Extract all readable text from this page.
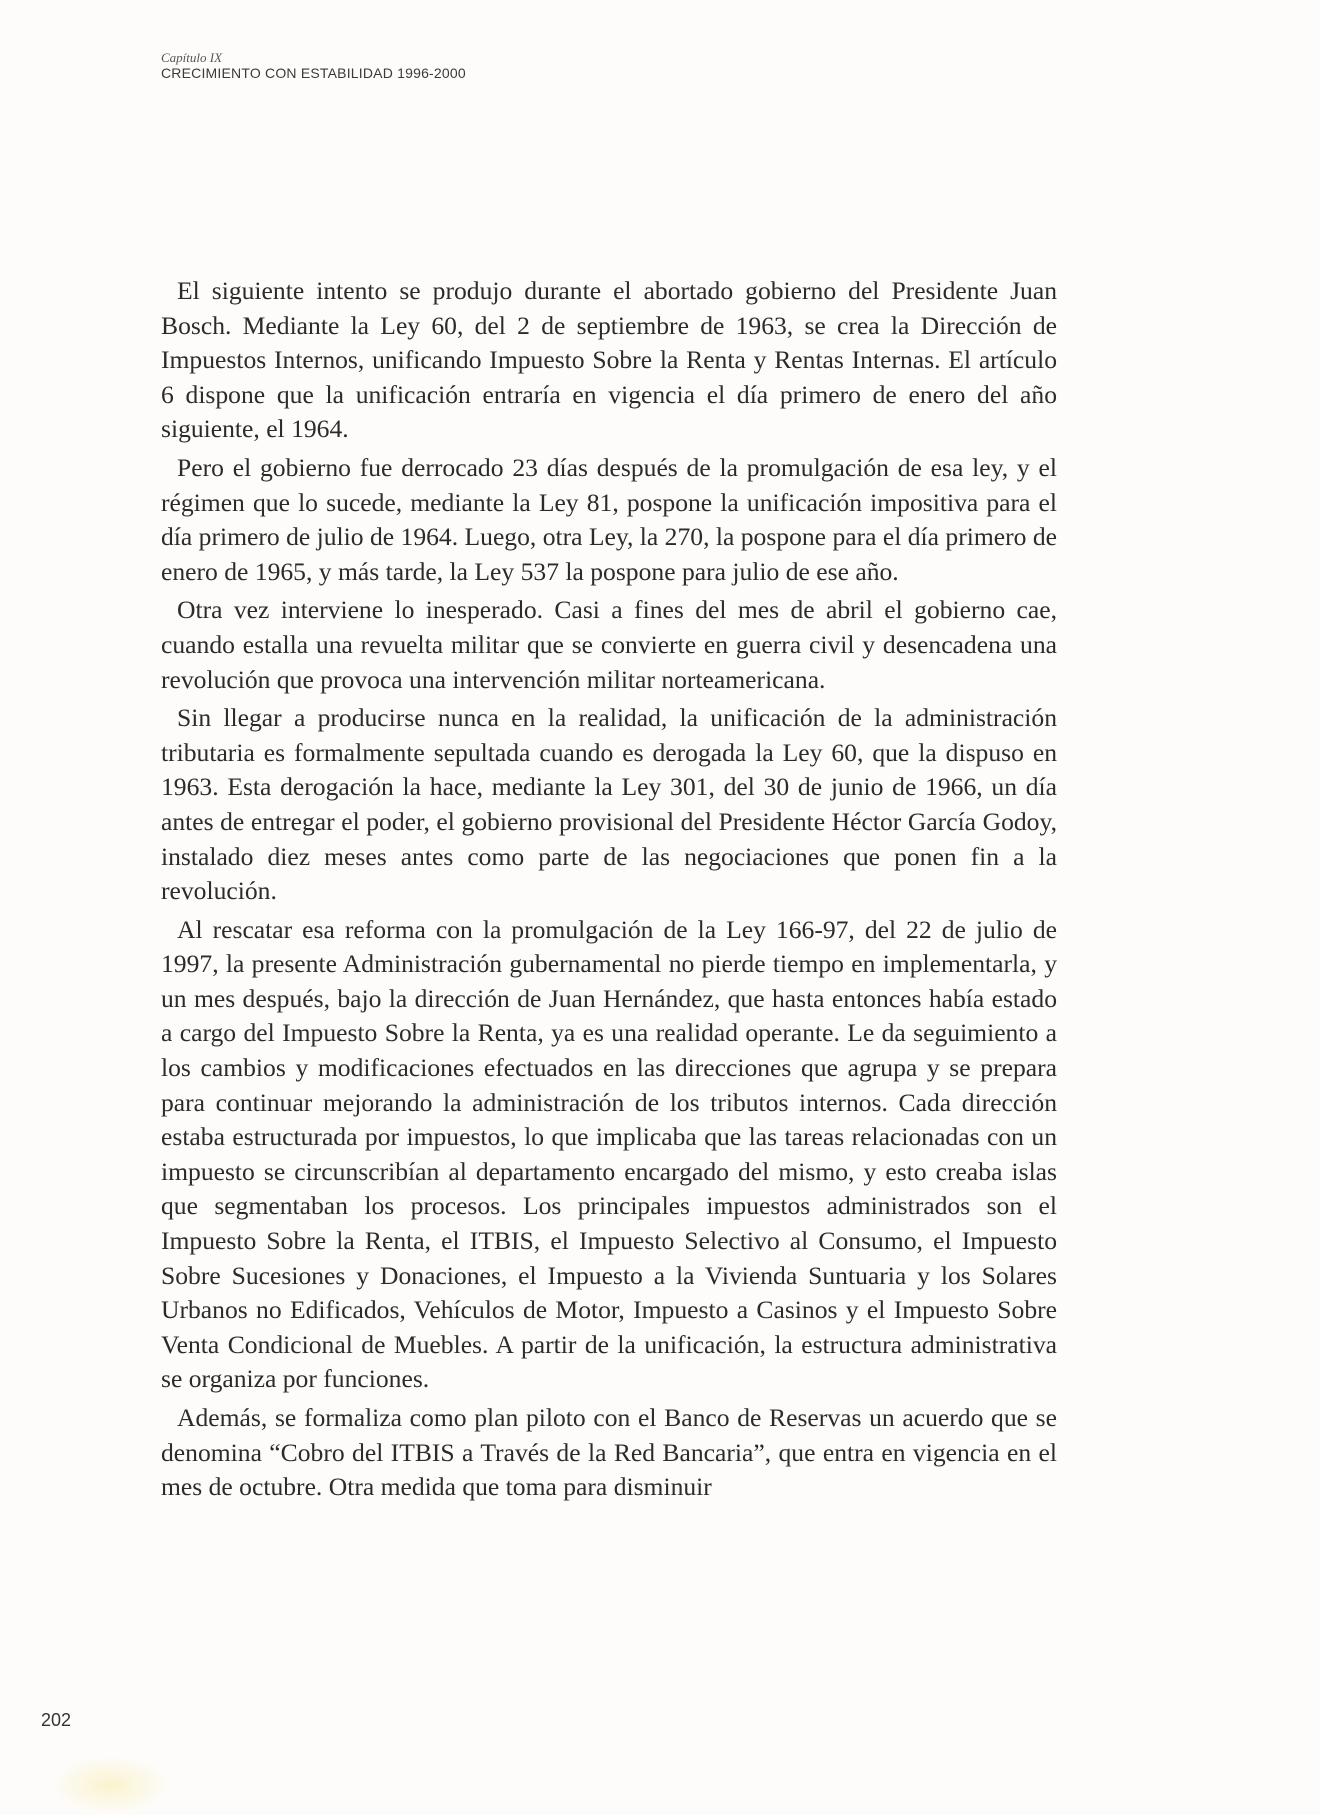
Capítulo IX
CRECIMIENTO CON ESTABILIDAD 1996-2000

El siguiente intento se produjo durante el abortado gobierno del Presidente Juan Bosch. Mediante la Ley 60, del 2 de septiembre de 1963, se crea la Dirección de Impuestos Internos, unificando Impuesto Sobre la Renta y Rentas Internas. El artículo 6 dispone que la unificación entraría en vigencia el día primero de enero del año siguiente, el 1964.

Pero el gobierno fue derrocado 23 días después de la promulgación de esa ley, y el régimen que lo sucede, mediante la Ley 81, pospone la unificación impositiva para el día primero de julio de 1964. Luego, otra Ley, la 270, la pospone para el día primero de enero de 1965, y más tarde, la Ley 537 la pospone para julio de ese año.

Otra vez interviene lo inesperado. Casi a fines del mes de abril el gobierno cae, cuando estalla una revuelta militar que se convierte en guerra civil y desencadena una revolución que provoca una intervención militar norteamericana.

Sin llegar a producirse nunca en la realidad, la unificación de la administración tributaria es formalmente sepultada cuando es derogada la Ley 60, que la dispuso en 1963. Esta derogación la hace, mediante la Ley 301, del 30 de junio de 1966, un día antes de entregar el poder, el gobierno provisional del Presidente Héctor García Godoy, instalado diez meses antes como parte de las negociaciones que ponen fin a la revolución.

Al rescatar esa reforma con la promulgación de la Ley 166-97, del 22 de julio de 1997, la presente Administración gubernamental no pierde tiempo en implementarla, y un mes después, bajo la dirección de Juan Hernández, que hasta entonces había estado a cargo del Impuesto Sobre la Renta, ya es una realidad operante. Le da seguimiento a los cambios y modificaciones efectuados en las direcciones que agrupa y se prepara para continuar mejorando la administración de los tributos internos. Cada dirección estaba estructurada por impuestos, lo que implicaba que las tareas relacionadas con un impuesto se circunscribían al departamento encargado del mismo, y esto creaba islas que segmentaban los procesos. Los principales impuestos administrados son el Impuesto Sobre la Renta, el ITBIS, el Impuesto Selectivo al Consumo, el Impuesto Sobre Sucesiones y Donaciones, el Impuesto a la Vivienda Suntuaria y los Solares Urbanos no Edificados, Vehículos de Motor, Impuesto a Casinos y el Impuesto Sobre Venta Condicional de Muebles. A partir de la unificación, la estructura administrativa se organiza por funciones.

Además, se formaliza como plan piloto con el Banco de Reservas un acuerdo que se denomina “Cobro del ITBIS a Través de la Red Bancaria”, que entra en vigencia en el mes de octubre. Otra medida que toma para disminuir

202
